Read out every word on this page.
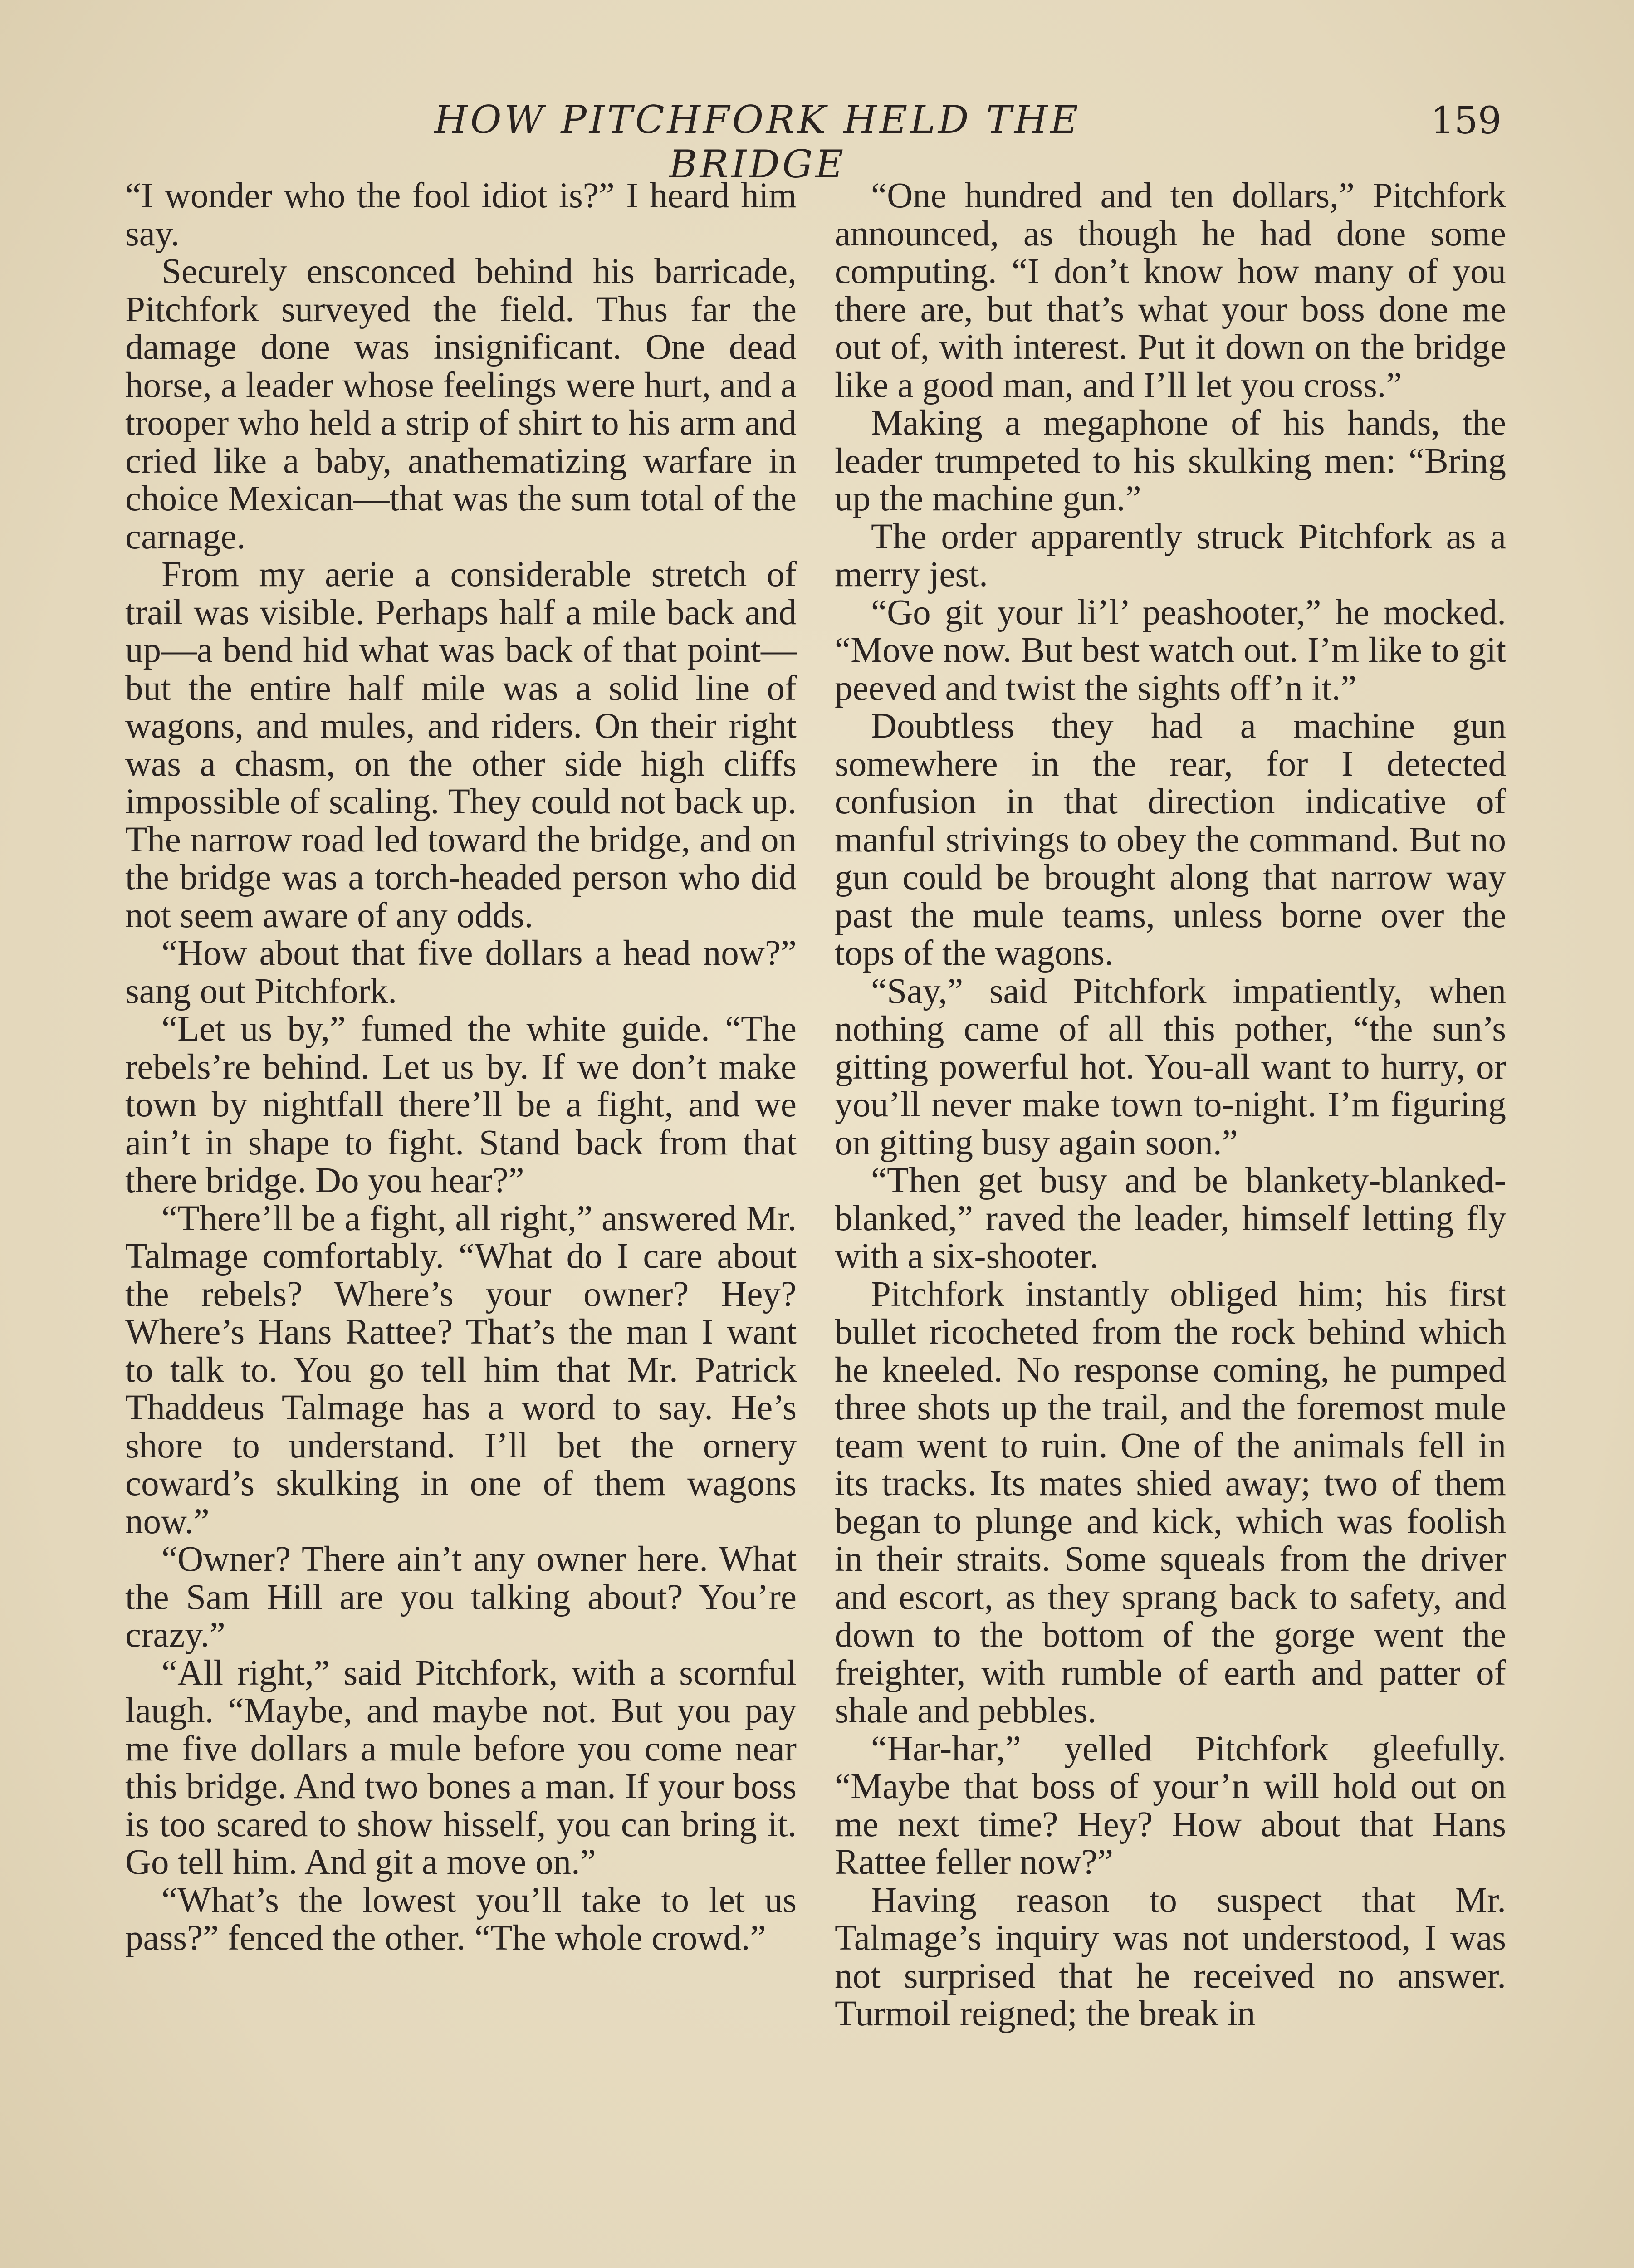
HOW PITCHFORK HELD THE BRIDGE
159

“I wonder who the fool idiot is?” I heard him say.

Securely ensconced behind his barricade, Pitchfork surveyed the field. Thus far the damage done was insignificant. One dead horse, a leader whose feelings were hurt, and a trooper who held a strip of shirt to his arm and cried like a baby, anathematizing warfare in choice Mexican—that was the sum total of the carnage.

From my aerie a considerable stretch of trail was visible. Perhaps half a mile back and up—a bend hid what was back of that point—but the entire half mile was a solid line of wagons, and mules, and riders. On their right was a chasm, on the other side high cliffs impossible of scaling. They could not back up. The narrow road led toward the bridge, and on the bridge was a torch-headed person who did not seem aware of any odds.

“How about that five dollars a head now?” sang out Pitchfork.

“Let us by,” fumed the white guide. “The rebels’re behind. Let us by. If we don’t make town by nightfall there’ll be a fight, and we ain’t in shape to fight. Stand back from that there bridge. Do you hear?”

“There’ll be a fight, all right,” answered Mr. Talmage comfortably. “What do I care about the rebels? Where’s your owner? Hey? Where’s Hans Rattee? That’s the man I want to talk to. You go tell him that Mr. Patrick Thaddeus Talmage has a word to say. He’s shore to understand. I’ll bet the ornery coward’s skulking in one of them wagons now.”

“Owner? There ain’t any owner here. What the Sam Hill are you talking about? You’re crazy.”

“All right,” said Pitchfork, with a scornful laugh. “Maybe, and maybe not. But you pay me five dollars a mule before you come near this bridge. And two bones a man. If your boss is too scared to show hisself, you can bring it. Go tell him. And git a move on.”

“What’s the lowest you’ll take to let us pass?” fenced the other. “The whole crowd.”

“One hundred and ten dollars,” Pitchfork announced, as though he had done some computing. “I don’t know how many of you there are, but that’s what your boss done me out of, with interest. Put it down on the bridge like a good man, and I’ll let you cross.”

Making a megaphone of his hands, the leader trumpeted to his skulking men: “Bring up the machine gun.”

The order apparently struck Pitchfork as a merry jest.

“Go git your li’l’ peashooter,” he mocked. “Move now. But best watch out. I’m like to git peeved and twist the sights off’n it.”

Doubtless they had a machine gun somewhere in the rear, for I detected confusion in that direction indicative of manful strivings to obey the command. But no gun could be brought along that narrow way past the mule teams, unless borne over the tops of the wagons.

“Say,” said Pitchfork impatiently, when nothing came of all this pother, “the sun’s gitting powerful hot. You-all want to hurry, or you’ll never make town to-night. I’m figuring on gitting busy again soon.”

“Then get busy and be blankety-blanked-blanked,” raved the leader, himself letting fly with a six-shooter.

Pitchfork instantly obliged him; his first bullet ricocheted from the rock behind which he kneeled. No response coming, he pumped three shots up the trail, and the foremost mule team went to ruin. One of the animals fell in its tracks. Its mates shied away; two of them began to plunge and kick, which was foolish in their straits. Some squeals from the driver and escort, as they sprang back to safety, and down to the bottom of the gorge went the freighter, with rumble of earth and patter of shale and pebbles.

“Har-har,” yelled Pitchfork gleefully. “Maybe that boss of your’n will hold out on me next time? Hey? How about that Hans Rattee feller now?”

Having reason to suspect that Mr. Talmage’s inquiry was not understood, I was not surprised that he received no answer. Turmoil reigned; the break in
